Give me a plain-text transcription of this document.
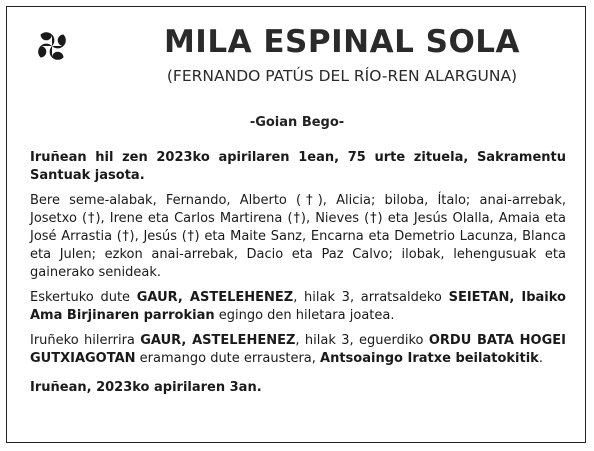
MILA ESPINAL SOLA
(FERNANDO PATÚS DEL RÍO-REN ALARGUNA)
-Goian Bego-

Iruñean hil zen 2023ko apirilaren 1ean, 75 urte zituela, Sakramentu Santuak jasota.

Bere seme-alabak, Fernando, Alberto (†), Alicia; biloba, Ítalo; anai-arrebak, Josetxo (†), Irene eta Carlos Martirena (†), Nieves (†) eta Jesús Olalla, Amaia eta José Arrastia (†), Jesús (†) eta Maite Sanz, Encarna eta Demetrio Lacunza, Blanca eta Julen; ezkon anai-arrebak, Dacio eta Paz Calvo; ilobak, lehengusuak eta gainerako senideak.

Eskertuko dute GAUR, ASTELEHENEZ, hilak 3, arratsaldeko SEIETAN, Ibaiko Ama Birjinaren parrokian egingo den hiletara joatea.

Iruñeko hilerrira GAUR, ASTELEHENEZ, hilak 3, eguerdiko ORDU BATA HOGEI GUTXIAGOTAN eramango dute erraustera, Antsoaingo Iratxe beilatokitik.

Iruñean, 2023ko apirilaren 3an.
